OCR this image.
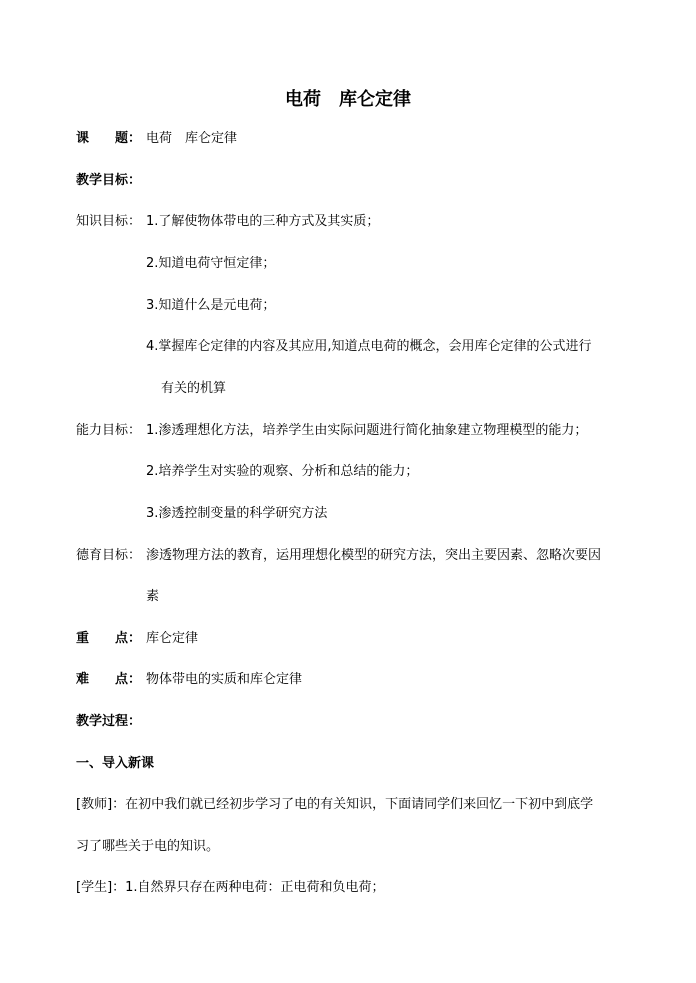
电荷　库仑定律
课　　题： 电荷　库仑定律
教学目标：
知识目标： 1.了解使物体带电的三种方式及其实质；
2.知道电荷守恒定律；
3.知道什么是元电荷；
4.掌握库仑定律的内容及其应用,知道点电荷的概念，会用库仑定律的公式进行
有关的机算
能力目标： 1.渗透理想化方法，培养学生由实际问题进行简化抽象建立物理模型的能力；
2.培养学生对实验的观察、分析和总结的能力；
3.渗透控制变量的科学研究方法
德育目标： 渗透物理方法的教育，运用理想化模型的研究方法，突出主要因素、忽略次要因
素
重　　点： 库仑定律
难　　点： 物体带电的实质和库仑定律
教学过程：
一、导入新课
[教师]：在初中我们就已经初步学习了电的有关知识，下面请同学们来回忆一下初中到底学
习了哪些关于电的知识。
[学生]：1.自然界只存在两种电荷：正电荷和负电荷；
